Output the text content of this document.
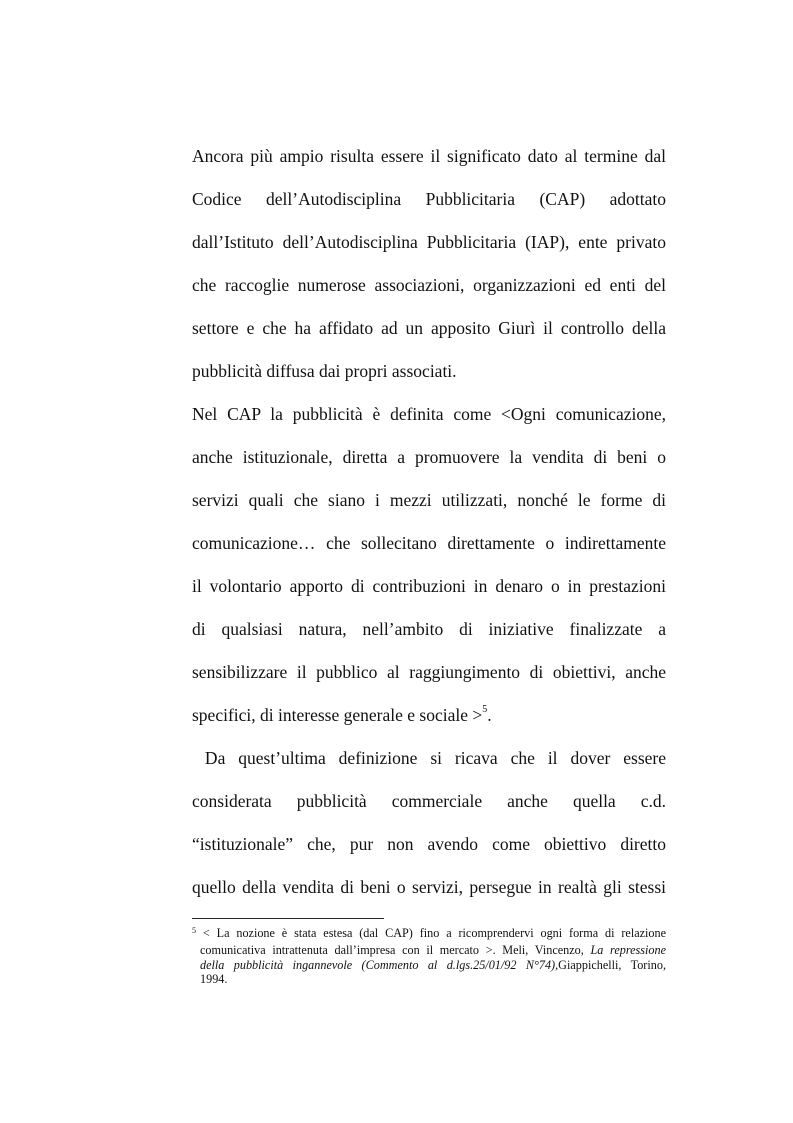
Ancora più ampio risulta essere il significato dato al termine dal
Codice dell’Autodisciplina Pubblicitaria (CAP) adottato
dall’Istituto dell’Autodisciplina Pubblicitaria (IAP), ente privato
che raccoglie numerose associazioni, organizzazioni ed enti del
settore e che ha affidato ad un apposito Giurì il controllo della
pubblicità diffusa dai propri associati.
Nel CAP la pubblicità è definita come <Ogni comunicazione,
anche istituzionale, diretta a promuovere la vendita di beni o
servizi quali che siano i mezzi utilizzati, nonché le forme di
comunicazione… che sollecitano direttamente o indirettamente
il volontario apporto di contribuzioni in denaro o in prestazioni
di qualsiasi natura, nell’ambito di iniziative finalizzate a
sensibilizzare il pubblico al raggiungimento di obiettivi, anche
specifici, di interesse generale e sociale >$^5$.
Da quest’ultima definizione si ricava che il dover essere
considerata pubblicità commerciale anche quella c.d.
“istituzionale” che, pur non avendo come obiettivo diretto
quello della vendita di beni o servizi, persegue in realtà gli stessi
$^5$ < La nozione è stata estesa (dal CAP) fino a ricomprendervi ogni forma di relazione
comunicativa intrattenuta dall’impresa con il mercato >. Meli, Vincenzo, La repressione
della pubblicità ingannevole (Commento al d.lgs.25/01/92 N°74),Giappichelli, Torino,
1994.
